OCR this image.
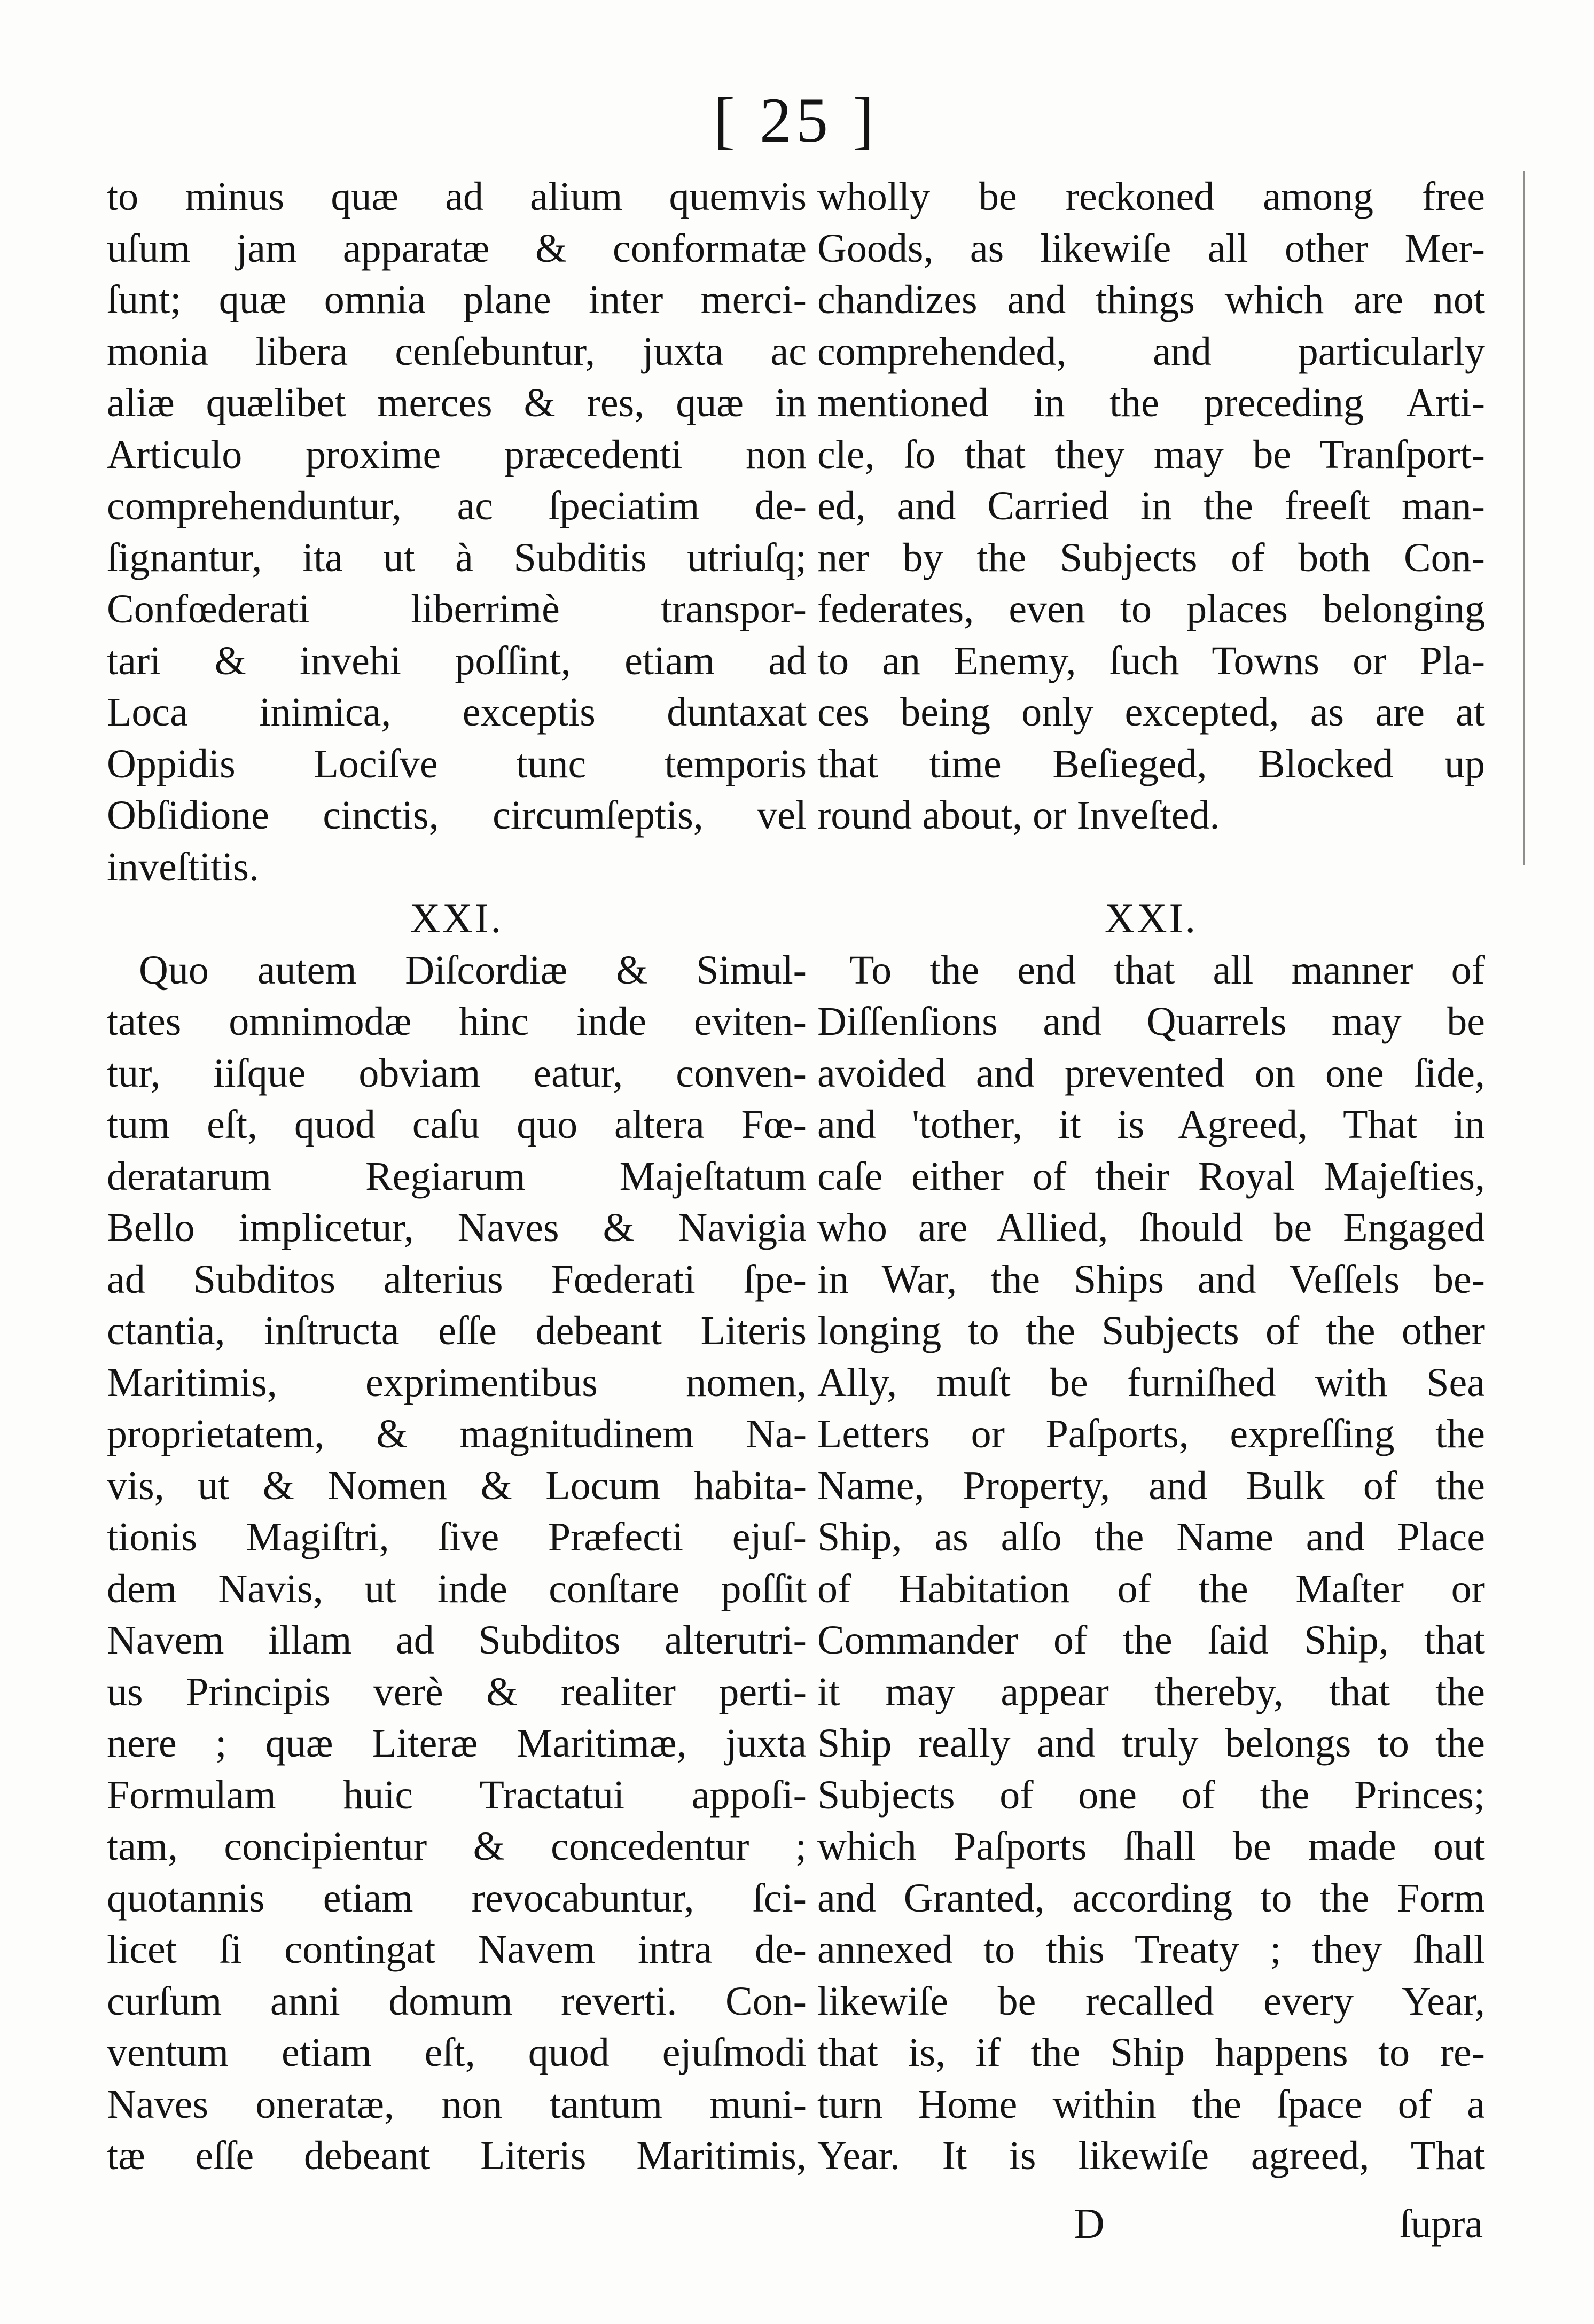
[ 25 ]
to minus quæ ad alium quemvis
uſum jam apparatæ & conformatæ
ſunt; quæ omnia plane inter merci-
monia libera cenſebuntur, juxta ac
aliæ quælibet merces & res, quæ in
Articulo proxime præcedenti non
comprehenduntur, ac ſpeciatim de-
ſignantur, ita ut à Subditis utriuſq;
Confœderati liberrimè transpor-
tari & invehi poſſint, etiam ad
Loca inimica, exceptis duntaxat
Oppidis Lociſve tunc temporis
Obſidione cinctis, circumſeptis, vel
inveſtitis.
XXI.
Quo autem Diſcordiæ & Simul-
tates omnimodæ hinc inde eviten-
tur, iiſque obviam eatur, conven-
tum eſt, quod caſu quo altera Fœ-
deratarum Regiarum Majeſtatum
Bello implicetur, Naves & Navigia
ad Subditos alterius Fœderati ſpe-
ctantia, inſtructa eſſe debeant Literis
Maritimis, exprimentibus nomen,
proprietatem, & magnitudinem Na-
vis, ut & Nomen & Locum habita-
tionis Magiſtri, ſive Præfecti ejuſ-
dem Navis, ut inde conſtare poſſit
Navem illam ad Subditos alterutri-
us Principis verè & realiter perti-
nere ; quæ Literæ Maritimæ, juxta
Formulam huic Tractatui appoſi-
tam, concipientur & concedentur ;
quotannis etiam revocabuntur, ſci-
licet ſi contingat Navem intra de-
curſum anni domum reverti. Con-
ventum etiam eſt, quod ejuſmodi
Naves oneratæ, non tantum muni-
tæ eſſe debeant Literis Maritimis,
wholly be reckoned among free
Goods, as likewiſe all other Mer-
chandizes and things which are not
comprehended, and particularly
mentioned in the preceding Arti-
cle, ſo that they may be Tranſport-
ed, and Carried in the freeſt man-
ner by the Subjects of both Con-
federates, even to places belonging
to an Enemy, ſuch Towns or Pla-
ces being only excepted, as are at
that time Beſieged, Blocked up
round about, or Inveſted.

XXI.
To the end that all manner of
Diſſenſions and Quarrels may be
avoided and prevented on one ſide,
and 'tother, it is Agreed, That in
caſe either of their Royal Majeſties,
who are Allied, ſhould be Engaged
in War, the Ships and Veſſels be-
longing to the Subjects of the other
Ally, muſt be furniſhed with Sea
Letters or Paſports, expreſſing the
Name, Property, and Bulk of the
Ship, as alſo the Name and Place
of Habitation of the Maſter or
Commander of the ſaid Ship, that
it may appear thereby, that the
Ship really and truly belongs to the
Subjects of one of the Princes;
which Paſports ſhall be made out
and Granted, according to the Form
annexed to this Treaty ; they ſhall
likewiſe be recalled every Year,
that is, if the Ship happens to re-
turn Home within the ſpace of a
Year. It is likewiſe agreed, That
D	ſupra
